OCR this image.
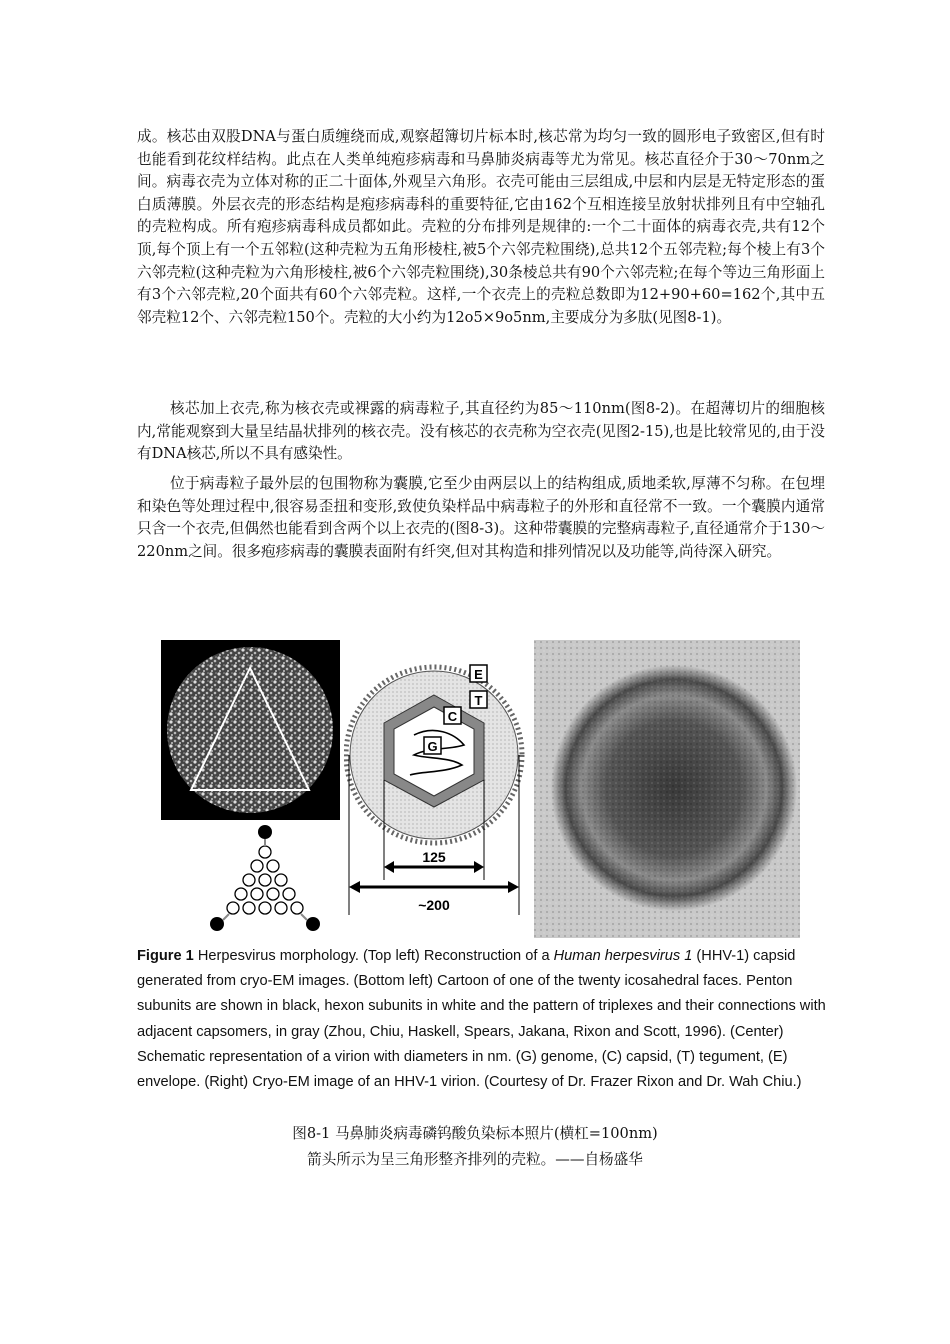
成。核芯由双股DNA与蛋白质缠绕而成,观察超簿切片标本时,核芯常为均匀一致的圆形电子致密区,但有时也能看到花纹样结构。此点在人类单纯疱疹病毒和马鼻肺炎病毒等尤为常见。核芯直径介于30～70nm之间。病毒衣壳为立体对称的正二十面体,外观呈六角形。衣壳可能由三层组成,中层和内层是无特定形态的蛋白质薄膜。外层衣壳的形态结构是疱疹病毒科的重要特征,它由162个互相连接呈放射状排列且有中空轴孔的壳粒构成。所有疱疹病毒科成员都如此。壳粒的分布排列是规律的:一个二十面体的病毒衣壳,共有12个顶,每个顶上有一个五邻粒(这种壳粒为五角形棱柱,被5个六邻壳粒围绕),总共12个五邻壳粒;每个棱上有3个六邻壳粒(这种壳粒为六角形棱柱,被6个六邻壳粒围绕),30条棱总共有90个六邻壳粒;在每个等边三角形面上有3个六邻壳粒,20个面共有60个六邻壳粒。这样,一个衣壳上的壳粒总数即为12+90+60=162个,其中五邻壳粒12个、六邻壳粒150个。壳粒的大小约为12o5×9o5nm,主要成分为多肽(见图8-1)。

核芯加上衣壳,称为核衣壳或裸露的病毒粒子,其直径约为85～110nm(图8-2)。在超薄切片的细胞核内,常能观察到大量呈结晶状排列的核衣壳。没有核芯的衣壳称为空衣壳(见图2-15),也是比较常见的,由于没有DNA核芯,所以不具有感染性。

位于病毒粒子最外层的包围物称为囊膜,它至少由两层以上的结构组成,质地柔软,厚薄不匀称。在包埋和染色等处理过程中,很容易歪扭和变形,致使负染样品中病毒粒子的外形和直径常不一致。一个囊膜内通常只含一个衣壳,但偶然也能看到含两个以上衣壳的(图8-3)。这种带囊膜的完整病毒粒子,直径通常介于130～220nm之间。很多疱疹病毒的囊膜表面附有纤突,但对其构造和排列情况以及功能等,尚待深入研究。

E
T
C
G
125
~200

Figure 1 Herpesvirus morphology. (Top left) Reconstruction of a Human herpesvirus 1 (HHV-1) capsid generated from cryo-EM images. (Bottom left) Cartoon of one of the twenty icosahedral faces. Penton subunits are shown in black, hexon subunits in white and the pattern of triplexes and their connections with adjacent capsomers, in gray (Zhou, Chiu, Haskell, Spears, Jakana, Rixon and Scott, 1996). (Center) Schematic representation of a virion with diameters in nm. (G) genome, (C) capsid, (T) tegument, (E) envelope. (Right) Cryo-EM image of an HHV-1 virion. (Courtesy of Dr. Frazer Rixon and Dr. Wah Chiu.)

图8-1 马鼻肺炎病毒磷钨酸负染标本照片(横杠=100nm)

箭头所示为呈三角形整齐排列的壳粒。——自杨盛华
